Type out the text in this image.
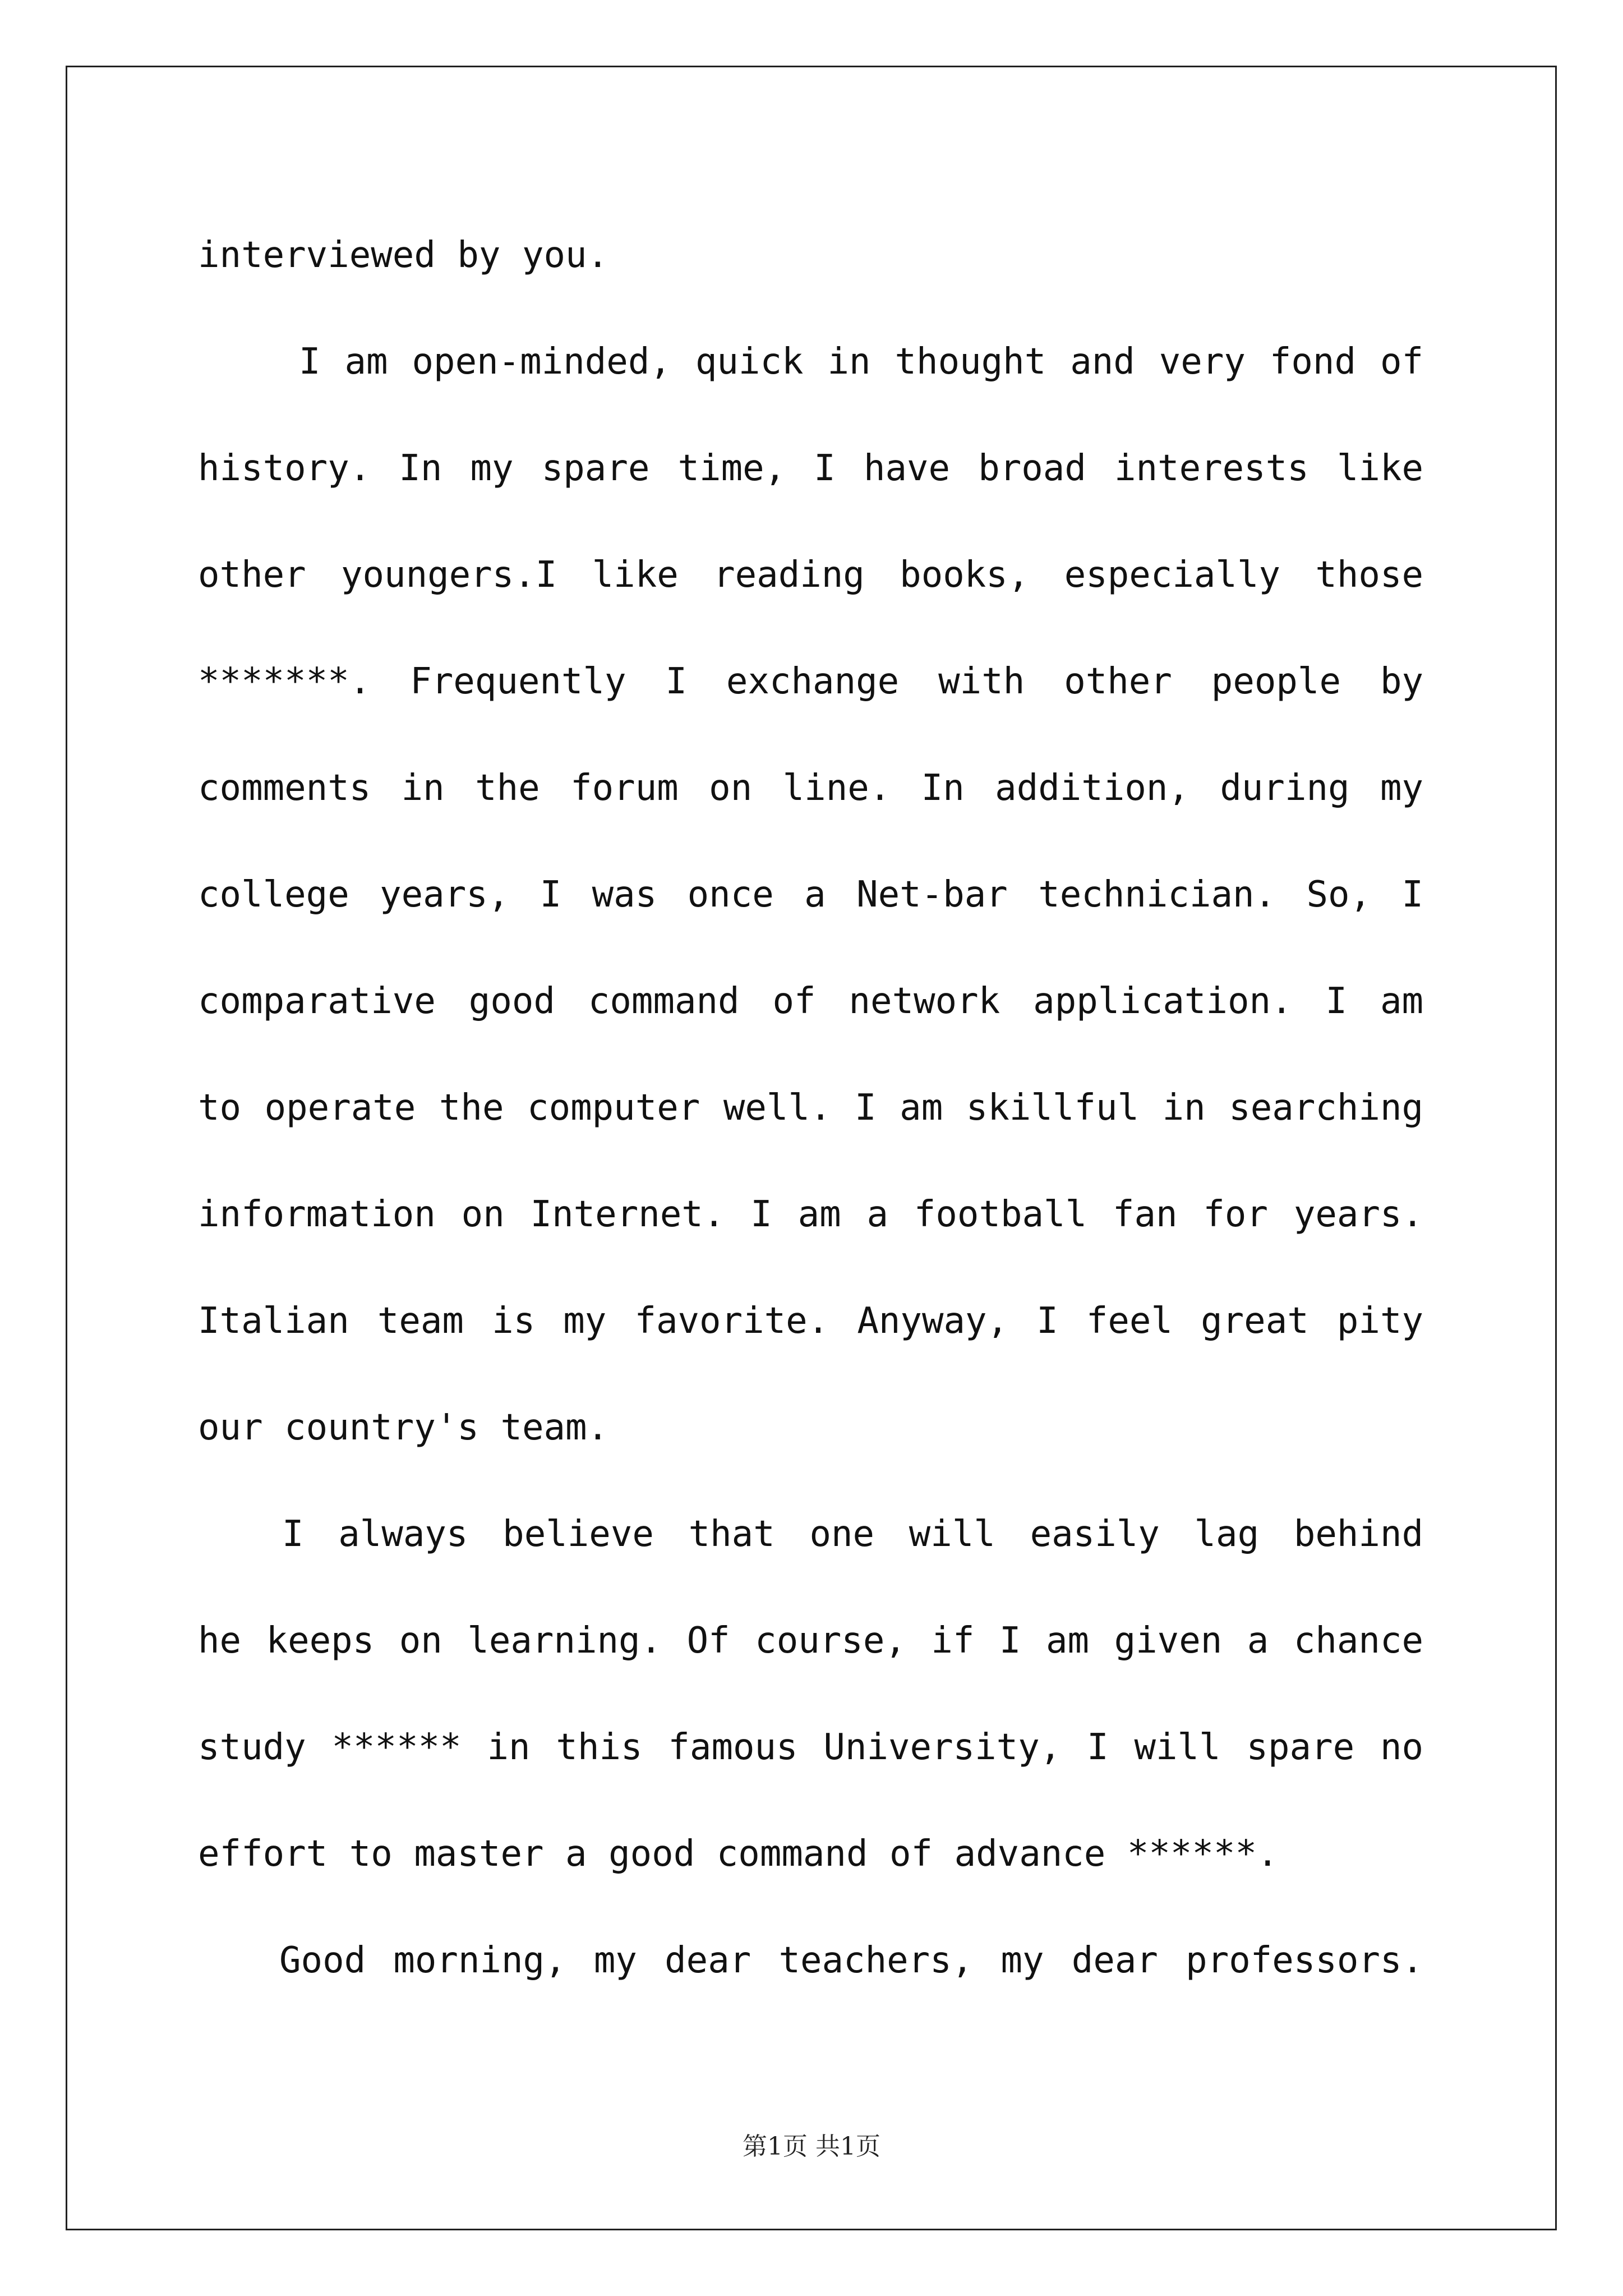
interviewed by you.
I am open-minded, quick in thought and very fond of
history. In my spare time, I have broad interests like
other youngers.I like reading books, especially those
*******. Frequently I exchange with other people by
comments in the forum on line. In addition, during my
college years, I was once a Net-bar technician. So, I
comparative good command of network application. I am
to operate the computer well. I am skillful in searching
information on Internet. I am a football fan for years.
Italian team is my favorite. Anyway, I feel great pity
our country's team.
I always believe that one will easily lag behind
he keeps on learning. Of course, if I am given a chance
study ****** in this famous University, I will spare no
effort to master a good command of advance ******.
Good morning, my dear teachers, my dear professors.
第1页 共1页
